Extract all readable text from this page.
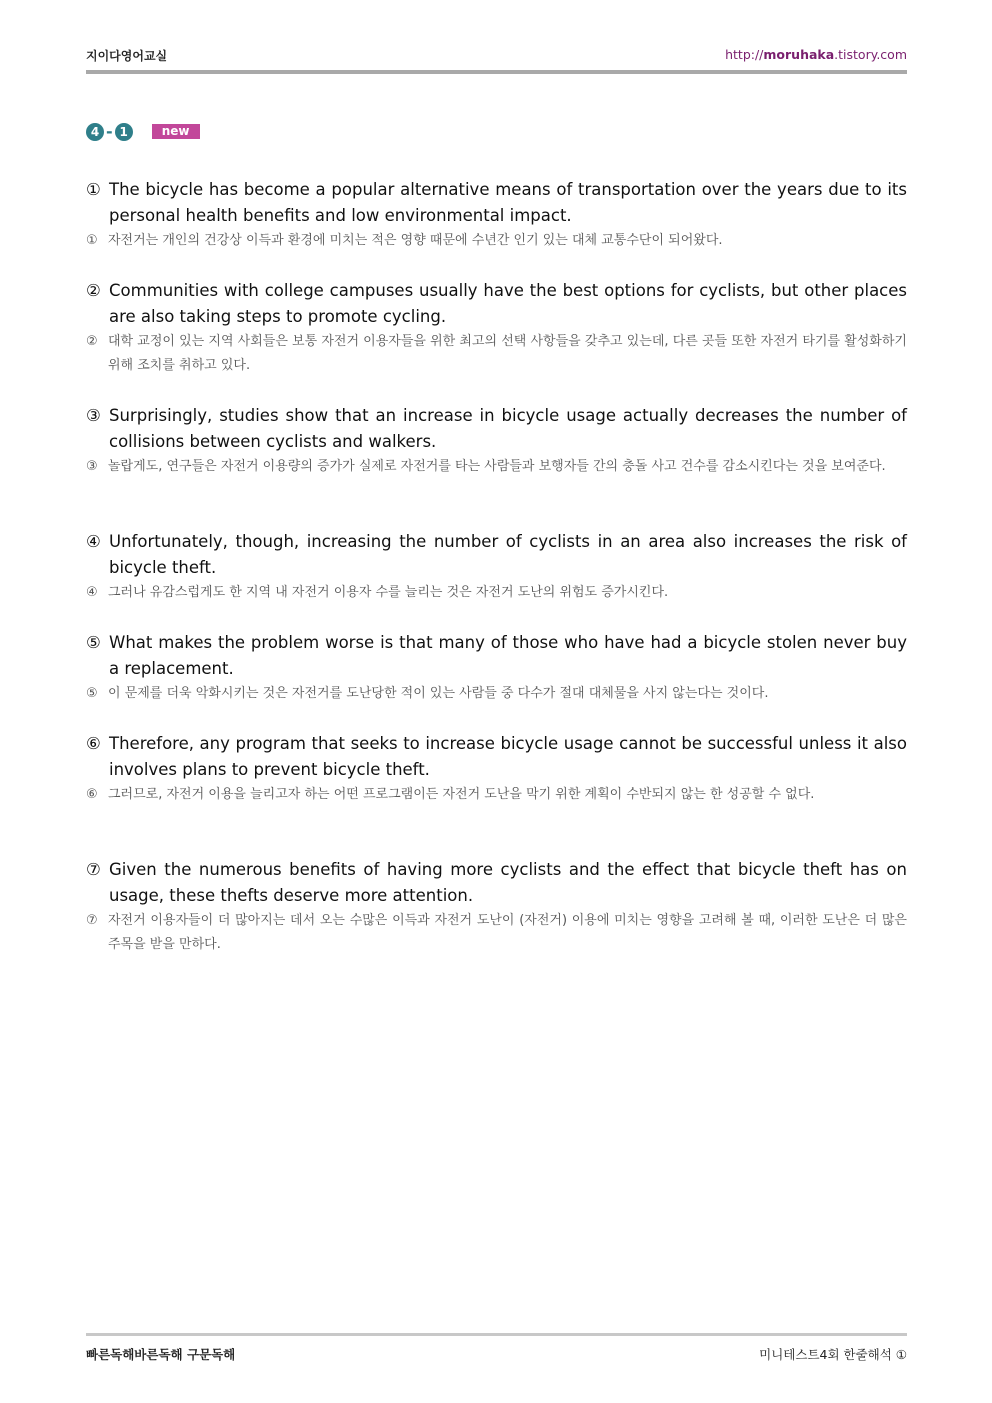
지이다영어교실	http://moruhaka.tistory.com
4 - 1	new
① The bicycle has become a popular alternative means of transportation over the years due to its personal health benefits and low environmental impact.
① 자전거는 개인의 건강상 이득과 환경에 미치는 적은 영향 때문에 수년간 인기 있는 대체 교통수단이 되어왔다.
② Communities with college campuses usually have the best options for cyclists, but other places are also taking steps to promote cycling.
② 대학 교정이 있는 지역 사회들은 보통 자전거 이용자들을 위한 최고의 선택 사항들을 갖추고 있는데, 다른 곳들 또한 자전거 타기를 활성화하기 위해 조치를 취하고 있다.
③ Surprisingly, studies show that an increase in bicycle usage actually decreases the number of collisions between cyclists and walkers.
③ 놀랍게도, 연구들은 자전거 이용량의 증가가 실제로 자전거를 타는 사람들과 보행자들 간의 충돌 사고 건수를 감소시킨다는 것을 보여준다.
④ Unfortunately, though, increasing the number of cyclists in an area also increases the risk of bicycle theft.
④ 그러나 유감스럽게도 한 지역 내 자전거 이용자 수를 늘리는 것은 자전거 도난의 위험도 증가시킨다.
⑤ What makes the problem worse is that many of those who have had a bicycle stolen never buy a replacement.
⑤ 이 문제를 더욱 악화시키는 것은 자전거를 도난당한 적이 있는 사람들 중 다수가 절대 대체물을 사지 않는다는 것이다.
⑥ Therefore, any program that seeks to increase bicycle usage cannot be successful unless it also involves plans to prevent bicycle theft.
⑥ 그러므로, 자전거 이용을 늘리고자 하는 어떤 프로그램이든 자전거 도난을 막기 위한 계획이 수반되지 않는 한 성공할 수 없다.
⑦ Given the numerous benefits of having more cyclists and the effect that bicycle theft has on usage, these thefts deserve more attention.
⑦ 자전거 이용자들이 더 많아지는 데서 오는 수많은 이득과 자전거 도난이 (자전거) 이용에 미치는 영향을 고려해 볼 때, 이러한 도난은 더 많은 주목을 받을 만하다.
빠른독해바른독해 구문독해	미니테스트4회 한줄해석 ①
